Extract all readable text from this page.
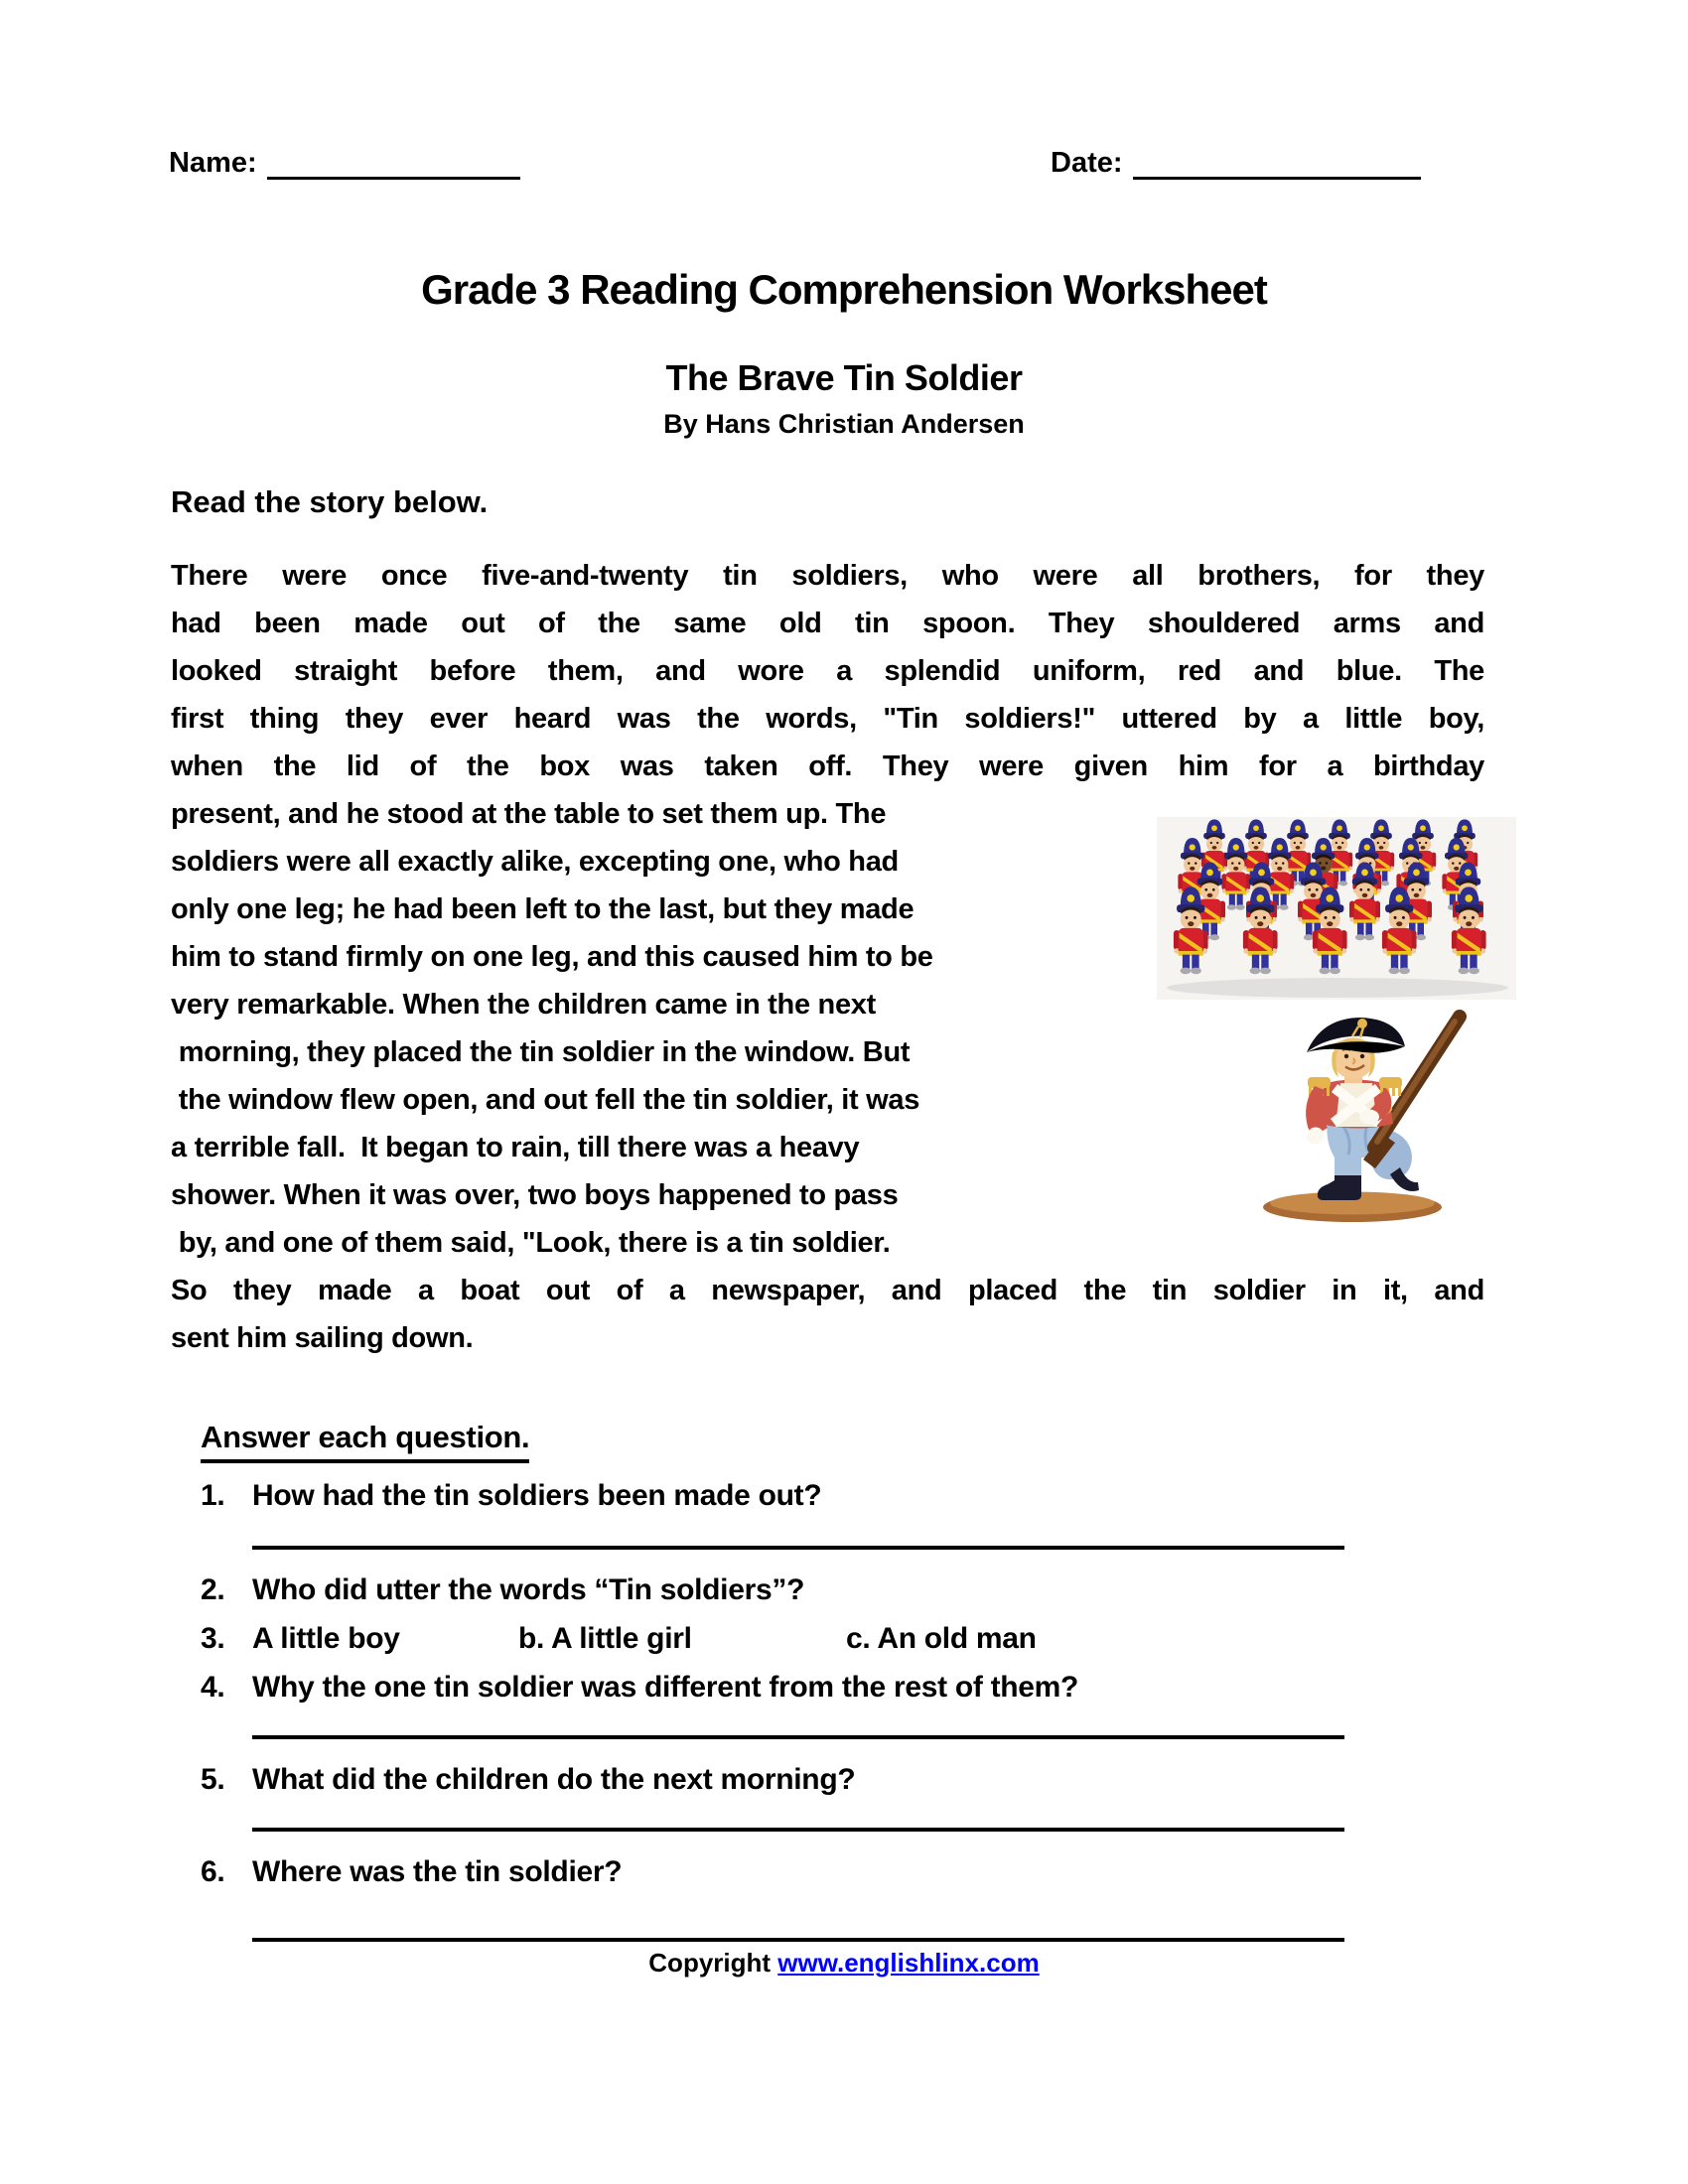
Name:	Date:
Grade 3 Reading Comprehension Worksheet
The Brave Tin Soldier
By Hans Christian Andersen
Read the story below.
There were once five-and-twenty tin soldiers, who were all brothers, for they
had been made out of the same old tin spoon. They shouldered arms and
looked straight before them, and wore a splendid uniform, red and blue. The
first thing they ever heard was the words, "Tin soldiers!" uttered by a little boy,
when the lid of the box was taken off. They were given him for a birthday
present, and he stood at the table to set them up. The
soldiers were all exactly alike, excepting one, who had
only one leg; he had been left to the last, but they made
him to stand firmly on one leg, and this caused him to be
very remarkable. When the children came in the next
morning, they placed the tin soldier in the window. But
the window flew open, and out fell the tin soldier, it was
a terrible fall.  It began to rain, till there was a heavy
shower. When it was over, two boys happened to pass
by, and one of them said, "Look, there is a tin soldier.
So they made a boat out of a newspaper, and placed the tin soldier in it, and
sent him sailing down.
Answer each question.
1. How had the tin soldiers been made out?
2. Who did utter the words “Tin soldiers”?
3. A little boy	b. A little girl	c. An old man
4. Why the one tin soldier was different from the rest of them?
5. What did the children do the next morning?
6. Where was the tin soldier?
Copyright www.englishlinx.com
